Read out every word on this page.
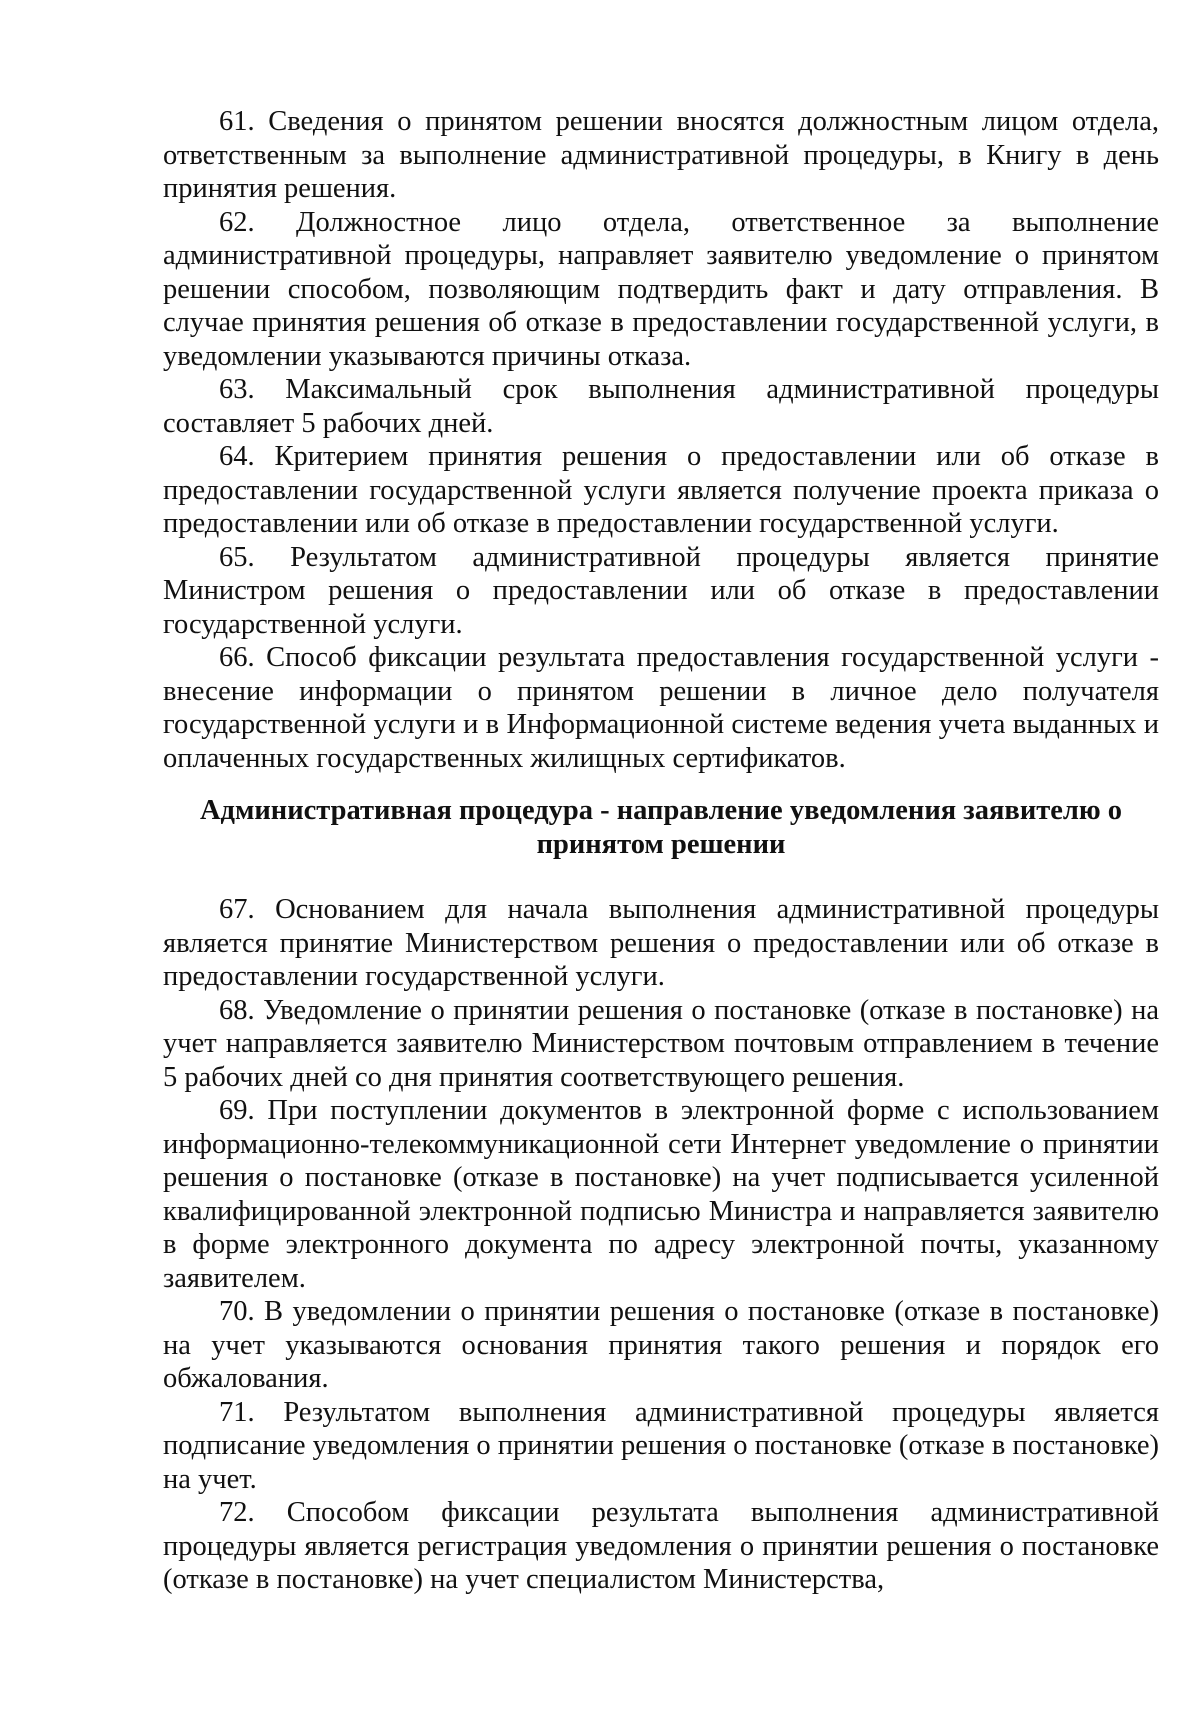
61. Сведения о принятом решении вносятся должностным лицом отдела, ответственным за выполнение административной процедуры, в Книгу в день принятия решения.

62. Должностное лицо отдела, ответственное за выполнение административной процедуры, направляет заявителю уведомление о принятом решении способом, позволяющим подтвердить факт и дату отправления. В случае принятия решения об отказе в предоставлении государственной услуги, в уведомлении указываются причины отказа.

63. Максимальный срок выполнения административной процедуры составляет 5 рабочих дней.

64. Критерием принятия решения о предоставлении или об отказе в предоставлении государственной услуги является получение проекта приказа о предоставлении или об отказе в предоставлении государственной услуги.

65. Результатом административной процедуры является принятие Министром решения о предоставлении или об отказе в предоставлении государственной услуги.

66. Способ фиксации результата предоставления государственной услуги - внесение информации о принятом решении в личное дело получателя государственной услуги и в Информационной системе ведения учета выданных и оплаченных государственных жилищных сертификатов.

Административная процедура - направление уведомления заявителю о принятом решении

67. Основанием для начала выполнения административной процедуры является принятие Министерством решения о предоставлении или об отказе в предоставлении государственной услуги.

68. Уведомление о принятии решения о постановке (отказе в постановке) на учет направляется заявителю Министерством почтовым отправлением в течение 5 рабочих дней со дня принятия соответствующего решения.

69. При поступлении документов в электронной форме с использованием информационно-телекоммуникационной сети Интернет уведомление о принятии решения о постановке (отказе в постановке) на учет подписывается усиленной квалифицированной электронной подписью Министра и направляется заявителю в форме электронного документа по адресу электронной почты, указанному заявителем.

70. В уведомлении о принятии решения о постановке (отказе в постановке) на учет указываются основания принятия такого решения и порядок его обжалования.

71. Результатом выполнения административной процедуры является подписание уведомления о принятии решения о постановке (отказе в постановке) на учет.

72. Способом фиксации результата выполнения административной процедуры является регистрация уведомления о принятии решения о постановке (отказе в постановке) на учет специалистом Министерства,
